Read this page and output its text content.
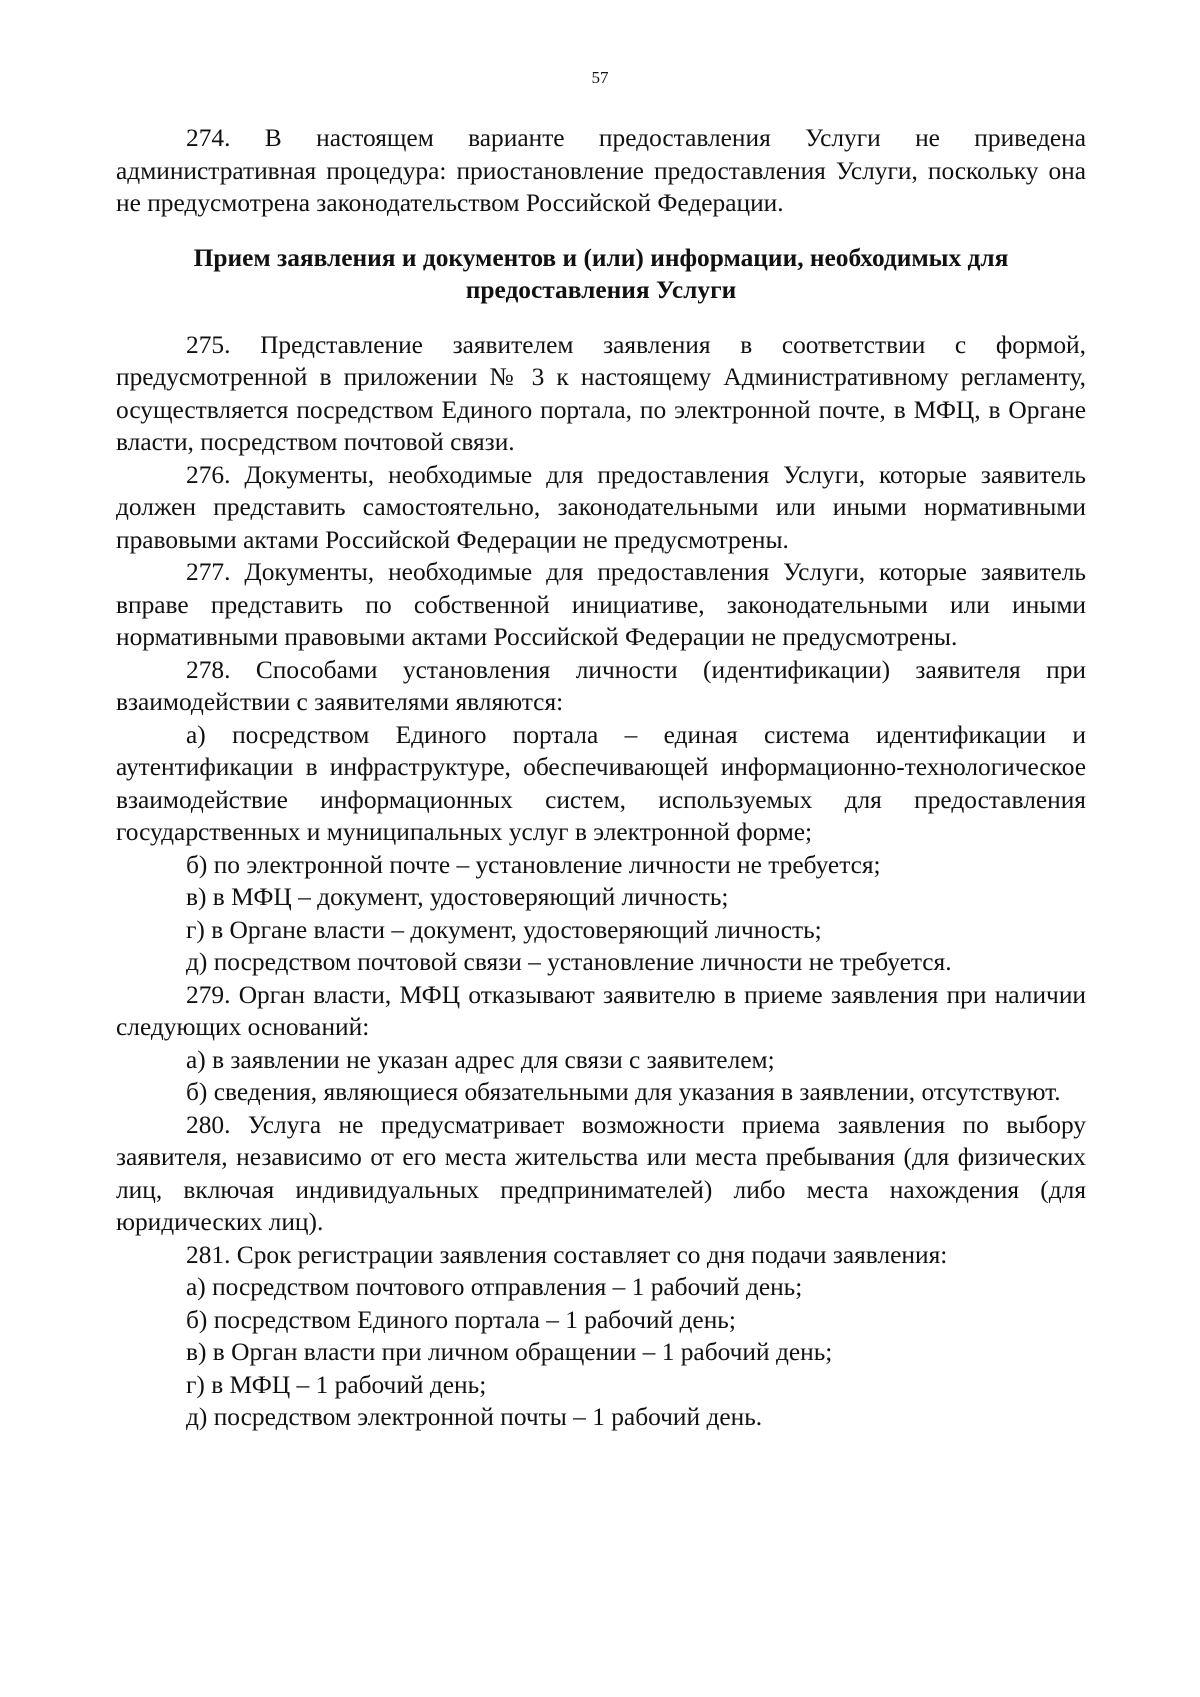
57

274. В настоящем варианте предоставления Услуги не приведена административная процедура: приостановление предоставления Услуги, поскольку она не предусмотрена законодательством Российской Федерации.

Прием заявления и документов и (или) информации, необходимых для
предоставления Услуги

275. Представление заявителем заявления в соответствии с формой, предусмотренной в приложении № 3 к настоящему Административному регламенту, осуществляется посредством Единого портала, по электронной почте, в МФЦ, в Органе власти, посредством почтовой связи.

276. Документы, необходимые для предоставления Услуги, которые заявитель должен представить самостоятельно, законодательными или иными нормативными правовыми актами Российской Федерации не предусмотрены.

277. Документы, необходимые для предоставления Услуги, которые заявитель вправе представить по собственной инициативе, законодательными или иными нормативными правовыми актами Российской Федерации не предусмотрены.

278. Способами установления личности (идентификации) заявителя при взаимодействии с заявителями являются:

а) посредством Единого портала – единая система идентификации и аутентификации в инфраструктуре, обеспечивающей информационно-технологическое взаимодействие информационных систем, используемых для предоставления государственных и муниципальных услуг в электронной форме;

б) по электронной почте – установление личности не требуется;

в) в МФЦ – документ, удостоверяющий личность;

г) в Органе власти – документ, удостоверяющий личность;

д) посредством почтовой связи – установление личности не требуется.

279. Орган власти, МФЦ отказывают заявителю в приеме заявления при наличии следующих оснований:

а) в заявлении не указан адрес для связи с заявителем;

б) сведения, являющиеся обязательными для указания в заявлении, отсутствуют.

280. Услуга не предусматривает возможности приема заявления по выбору заявителя, независимо от его места жительства или места пребывания (для физических лиц, включая индивидуальных предпринимателей) либо места нахождения (для юридических лиц).

281. Срок регистрации заявления составляет со дня подачи заявления:

а) посредством почтового отправления – 1 рабочий день;

б) посредством Единого портала – 1 рабочий день;

в) в Орган власти при личном обращении – 1 рабочий день;

г) в МФЦ – 1 рабочий день;

д) посредством электронной почты – 1 рабочий день.
